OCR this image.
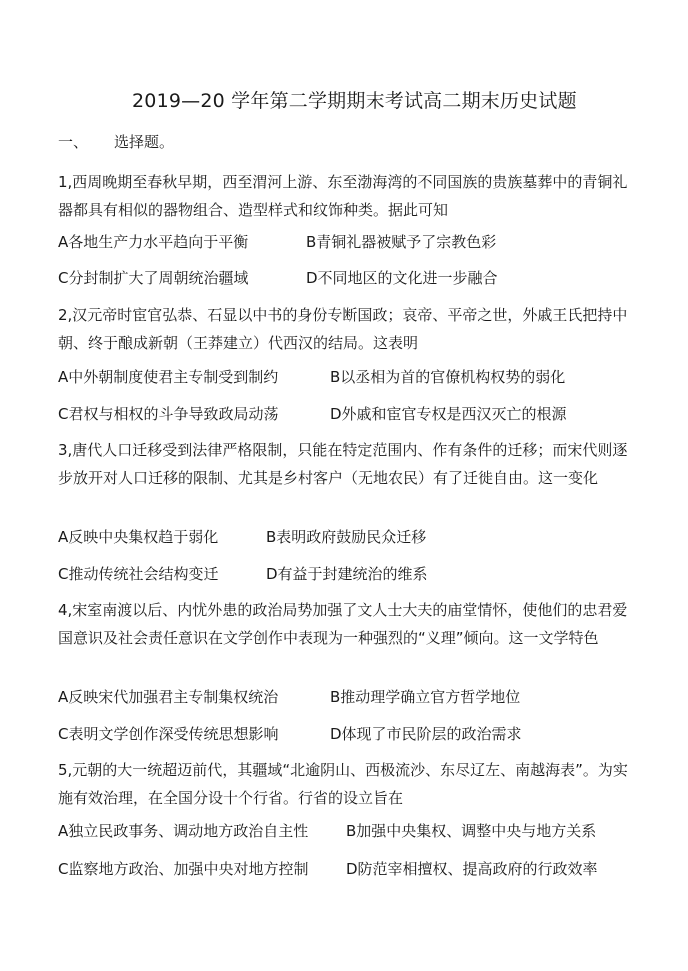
2019—20 学年第二学期期末考试高二期末历史试题
一、 选择题。

1,西周晚期至春秋早期，西至渭河上游、东至渤海湾的不同国族的贵族墓葬中的青铜礼器都具有相似的器物组合、造型样式和纹饰种类。据此可知

A各地生产力水平趋向于平衡	B青铜礼器被赋予了宗教色彩
C分封制扩大了周朝统治疆域	D不同地区的文化进一步融合

2,汉元帝时宦官弘恭、石显以中书的身份专断国政；哀帝、平帝之世，外戚王氏把持中朝、终于酿成新朝（王莽建立）代西汉的结局。这表明

A中外朝制度使君主专制受到制约	B以丞相为首的官僚机构权势的弱化
C君权与相权的斗争导致政局动荡	D外戚和宦官专权是西汉灭亡的根源

3,唐代人口迁移受到法律严格限制，只能在特定范围内、作有条件的迁移；而宋代则逐步放开对人口迁移的限制、尤其是乡村客户（无地农民）有了迁徙自由。这一变化

A反映中央集权趋于弱化	B表明政府鼓励民众迁移
C推动传统社会结构变迁	D有益于封建统治的维系

4,宋室南渡以后、内忧外患的政治局势加强了文人士大夫的庙堂情怀，使他们的忠君爱国意识及社会责任意识在文学创作中表现为一种强烈的“义理”倾向。这一文学特色

A反映宋代加强君主专制集权统治	B推动理学确立官方哲学地位
C表明文学创作深受传统思想影响	D体现了市民阶层的政治需求

5,元朝的大一统超迈前代，其疆域“北逾阴山、西极流沙、东尽辽左、南越海表”。为实施有效治理，在全国分设十个行省。行省的设立旨在

A独立民政事务、调动地方政治自主性	B加强中央集权、调整中央与地方关系
C监察地方政治、加强中央对地方控制	D防范宰相擅权、提高政府的行政效率
